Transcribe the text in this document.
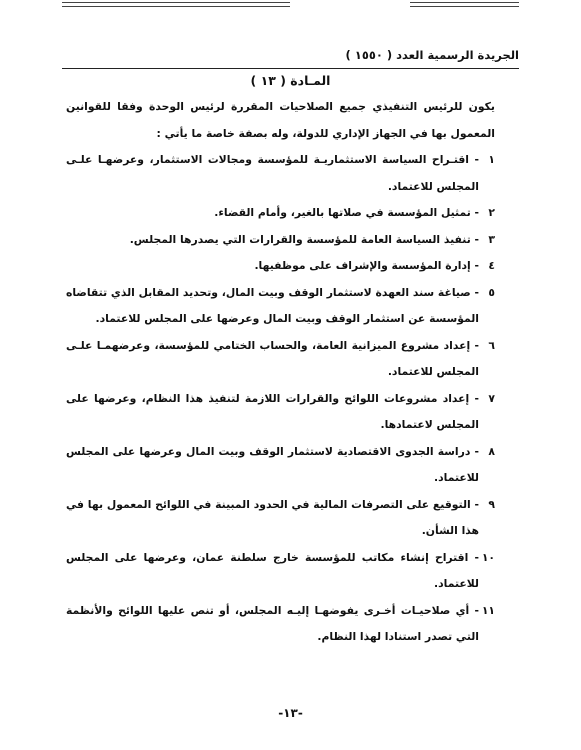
الجريدة الرسمية العدد ( ١٥٥٠ )
المـادة ( ١٣ )

يكون للرئيس التنفيذي جميع الصلاحيات المقررة لرئيس الوحدة وفقا للقوانين المعمول بها في الجهاز الإداري للدولة، وله بصفة خاصة ما يأتي :

١
- اقتـراح السياسة الاستثماريـة للمؤسسة ومجالات الاستثمار، وعرضهـا علـى المجلس للاعتماد.

٢
- تمثيل المؤسسة في صلاتها بالغير، وأمام القضاء.

٣
- تنفيذ السياسة العامة للمؤسسة والقرارات التي يصدرها المجلس.

٤
- إدارة المؤسسة والإشراف على موظفيها.

٥
- صياغة سند العهدة لاستثمار الوقف وبيت المال، وتحديد المقابل الذي تتقاضاه المؤسسة عن استثمار الوقف وبيت المال وعرضها على المجلس للاعتماد.

٦
- إعداد مشروع الميزانية العامة، والحساب الختامي للمؤسسة، وعرضهمـا علـى المجلس للاعتماد.

٧
- إعداد مشروعات اللوائح والقرارات اللازمة لتنفيذ هذا النظام، وعرضها على المجلس لاعتمادها.

٨
- دراسة الجدوى الاقتصادية لاستثمار الوقف وبيت المال وعرضها على المجلس للاعتماد.

٩
- التوقيع على التصرفات المالية في الحدود المبينة في اللوائح المعمول بها في هذا الشأن.

١٠
- اقتراح إنشاء مكاتب للمؤسسة خارج سلطنة عمان، وعرضها على المجلس للاعتماد.

١١
- أي صلاحيـات أخـرى يفوضهـا إليـه المجلس، أو تنص عليها اللوائح والأنظمة التي تصدر استنادا لهذا النظام.

-١٣-
